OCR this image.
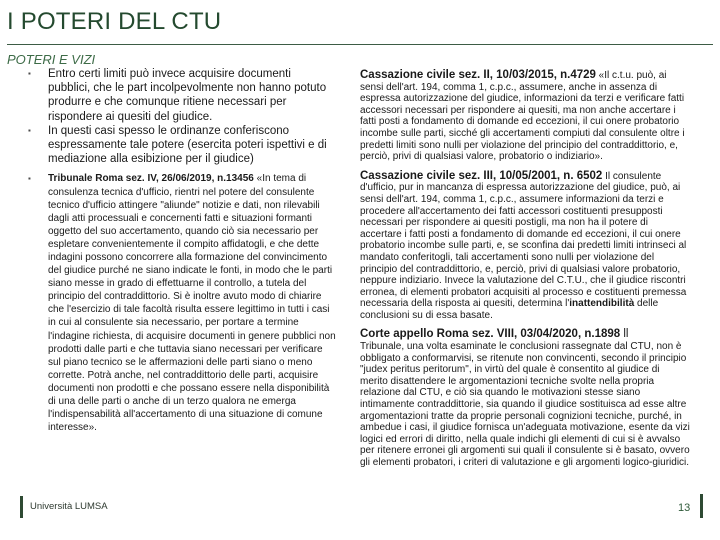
I POTERI DEL CTU
POTERI E VIZI

▪ Entro certi limiti può invece acquisire documenti pubblici, che le part incolpevolmente non hanno potuto produrre e che comunque ritiene necessari per rispondere ai quesiti del giudice.

▪ In questi casi spesso le ordinanze conferiscono espressamente tale potere (esercita poteri ispettivi e di mediazione alla esibizione per il giudice)

▪ Tribunale Roma sez. IV, 26/06/2019, n.13456 «In tema di consulenza tecnica d'ufficio, rientri nel potere del consulente tecnico d'ufficio attingere "aliunde" notizie e dati, non rilevabili dagli atti processuali e concernenti fatti e situazioni formanti oggetto del suo accertamento, quando ciò sia necessario per espletare convenientemente il compito affidatogli, e che dette indagini possono concorrere alla formazione del convincimento del giudice purché ne siano indicate le fonti, in modo che le parti siano messe in grado di effettuarne il controllo, a tutela del principio del contraddittorio. Si è inoltre avuto modo di chiarire che l'esercizio di tale facoltà risulta essere legittimo in tutti i casi in cui al consulente sia necessario, per portare a termine l'indagine richiesta, di acquisire documenti in genere pubblici non prodotti dalle parti e che tuttavia siano necessari per verificare sul piano tecnico se le affermazioni delle parti siano o meno corrette. Potrà anche, nel contraddittorio delle parti, acquisire documenti non prodotti e che possano essere nella disponibilità di una delle parti o anche di un terzo qualora ne emerga l'indispensabilità all'accertamento di una situazione di comune interesse».

Cassazione civile sez. II, 10/03/2015, n.4729 «Il c.t.u. può, ai sensi dell'art. 194, comma 1, c.p.c., assumere, anche in assenza di espressa autorizzazione del giudice, informazioni da terzi e verificare fatti accessori necessari per rispondere ai quesiti, ma non anche accertare i fatti posti a fondamento di domande ed eccezioni, il cui onere probatorio incombe sulle parti, sicché gli accertamenti compiuti dal consulente oltre i predetti limiti sono nulli per violazione del principio del contraddittorio, e, perciò, privi di qualsiasi valore, probatorio o indiziario».

Cassazione civile sez. III, 10/05/2001, n. 6502 Il consulente d'ufficio, pur in mancanza di espressa autorizzazione del giudice, può, ai sensi dell'art. 194, comma 1, c.p.c., assumere informazioni da terzi e procedere all'accertamento dei fatti accessori costituenti presupposti necessari per rispondere ai quesiti postigli, ma non ha il potere di accertare i fatti posti a fondamento di domande ed eccezioni, il cui onere probatorio incombe sulle parti, e, se sconfina dai predetti limiti intrinseci al mandato conferitogli, tali accertamenti sono nulli per violazione del principio del contraddittorio, e, perciò, privi di qualsiasi valore probatorio, neppure indiziario. Invece la valutazione del C.T.U., che il giudice riscontri erronea, di elementi probatori acquisiti al processo e costituenti premessa necessaria della risposta ai quesiti, determina l'inattendibilità delle conclusioni su di essa basate.

Corte appello Roma sez. VIII, 03/04/2020, n.1898 ll
Tribunale, una volta esaminate le conclusioni rassegnate dal CTU, non è obbligato a conformarvisi, se ritenute non convincenti, secondo il principio "judex peritus peritorum", in virtù del quale è consentito al giudice di merito disattendere le argomentazioni tecniche svolte nella propria relazione dal CTU, e ciò sia quando le motivazioni stesse siano intimamente contraddittorie, sia quando il giudice sostituisca ad esse altre argomentazioni tratte da proprie personali cognizioni tecniche, purché, in ambedue i casi, il giudice fornisca un'adeguata motivazione, esente da vizi logici ed errori di diritto, nella quale indichi gli elementi di cui si è avvalso per ritenere erronei gli argomenti sui quali il consulente si è basato, ovvero gli elementi probatori, i criteri di valutazione e gli argomenti logico-giuridici.

Università LUMSA	13
